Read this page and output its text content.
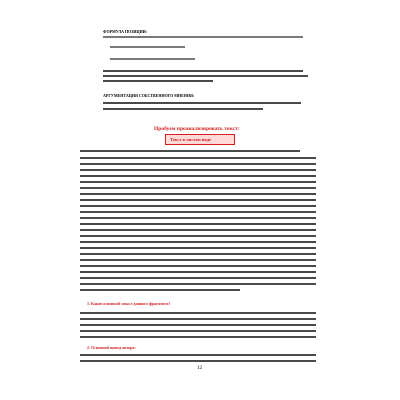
ФОРМУЛА ПОЗИЦИИ:
АРГУМЕНТАЦИЯ СОБСТВЕННОГО МНЕНИЯ:
Пробуем проанализировать текст:
Текст в чистом виде
1. Каков основной смысл данного фрагмента?
2. Основной вывод автора:
12
